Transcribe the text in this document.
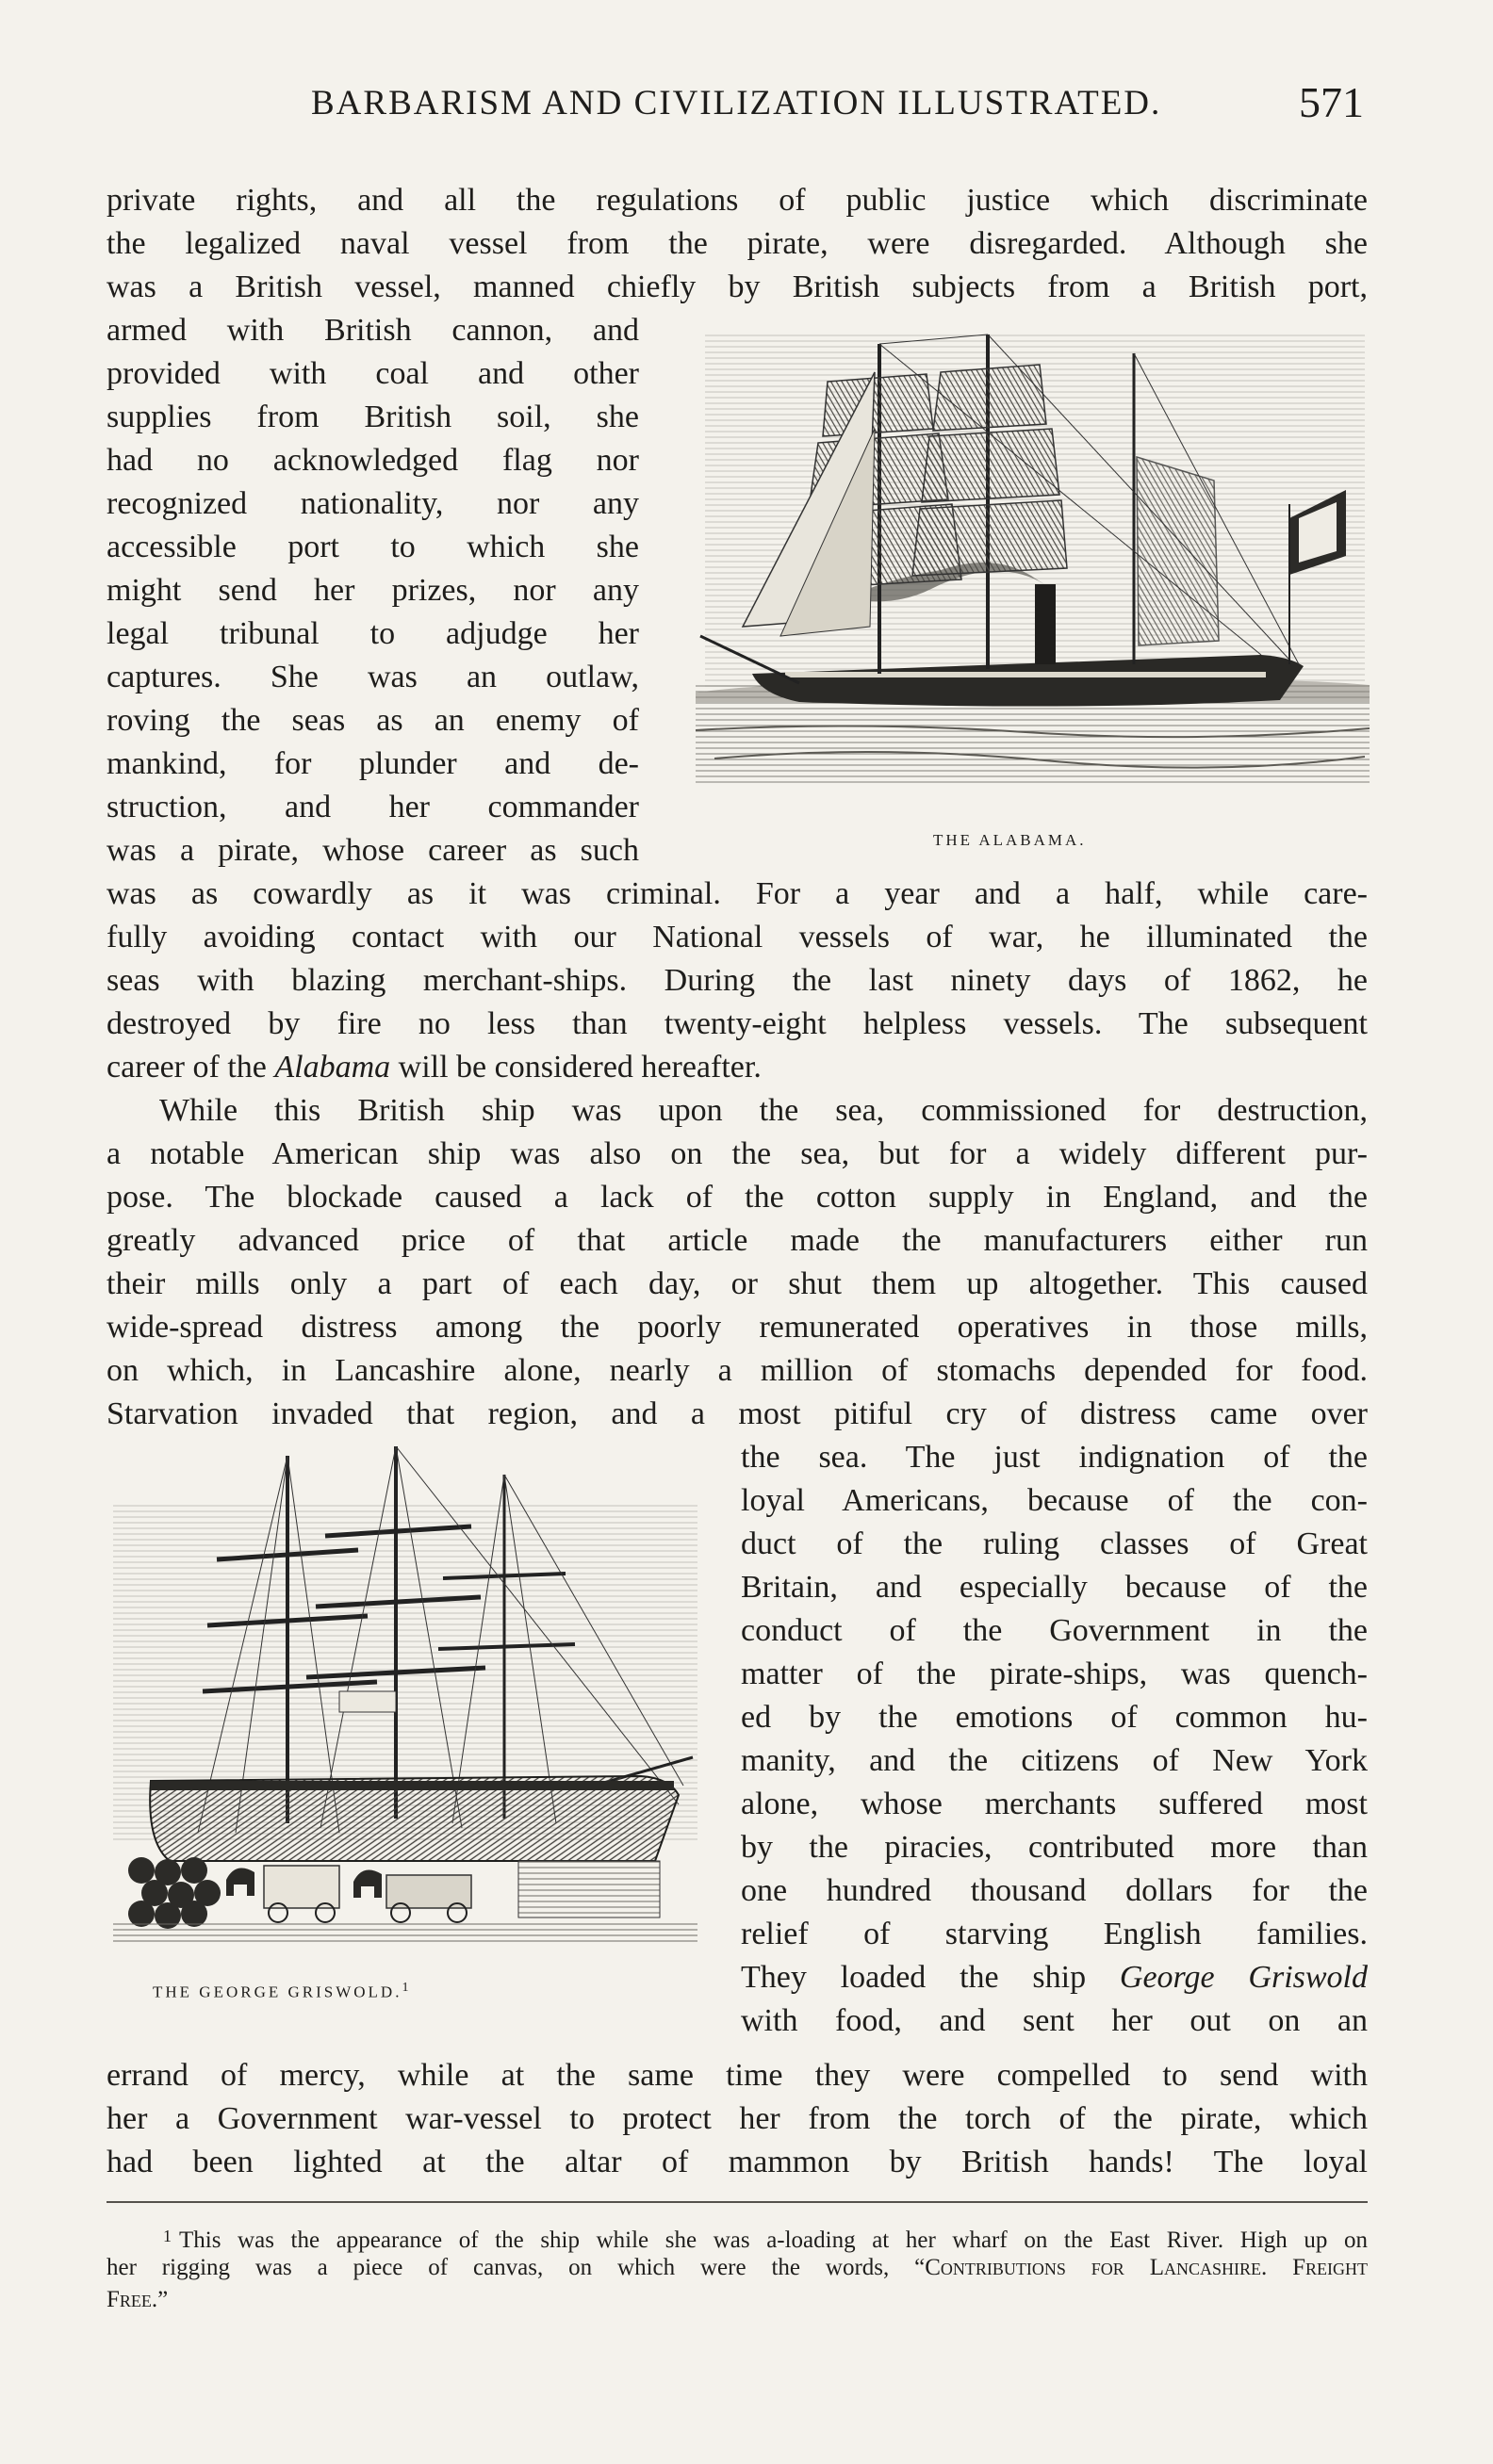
BARBARISM AND CIVILIZATION ILLUSTRATED.	571
private rights, and all the regulations of public justice which discriminate
the legalized naval vessel from the pirate, were disregarded. Although she
was a British vessel, manned chiefly by British subjects from a British port,
armed with British cannon, and
provided with coal and other
supplies from British soil, she
had no acknowledged flag nor
recognized nationality, nor any
accessible port to which she
might send her prizes, nor any
legal tribunal to adjudge her
captures. She was an outlaw,
roving the seas as an enemy of
mankind, for plunder and de-
struction, and her commander
was a pirate, whose career as such	THE ALABAMA.
was as cowardly as it was criminal. For a year and a half, while care-
fully avoiding contact with our National vessels of war, he illuminated the
seas with blazing merchant-ships. During the last ninety days of 1862, he
destroyed by fire no less than twenty-eight helpless vessels. The subsequent
career of the Alabama will be considered hereafter.
While this British ship was upon the sea, commissioned for destruction,
a notable American ship was also on the sea, but for a widely different pur-
pose. The blockade caused a lack of the cotton supply in England, and the
greatly advanced price of that article made the manufacturers either run
their mills only a part of each day, or shut them up altogether. This caused
wide-spread distress among the poorly remunerated operatives in those mills,
on which, in Lancashire alone, nearly a million of stomachs depended for food.
Starvation invaded that region, and a most pitiful cry of distress came over
THE GEORGE GRISWOLD.$^1$
the sea. The just indignation of the
loyal Americans, because of the con-
duct of the ruling classes of Great
Britain, and especially because of the
conduct of the Government in the
matter of the pirate-ships, was quench-
ed by the emotions of common hu-
manity, and the citizens of New York
alone, whose merchants suffered most
by the piracies, contributed more than
one hundred thousand dollars for the
relief of starving English families.
They loaded the ship George Griswold
with food, and sent her out on an
errand of mercy, while at the same time they were compelled to send with
her a Government war-vessel to protect her from the torch of the pirate, which
had been lighted at the altar of mammon by British hands! The loyal
$^1$ This was the appearance of the ship while she was a-loading at her wharf on the East River. High up on
her rigging was a piece of canvas, on which were the words, “Contributions for Lancashire. Freight
Free.”
